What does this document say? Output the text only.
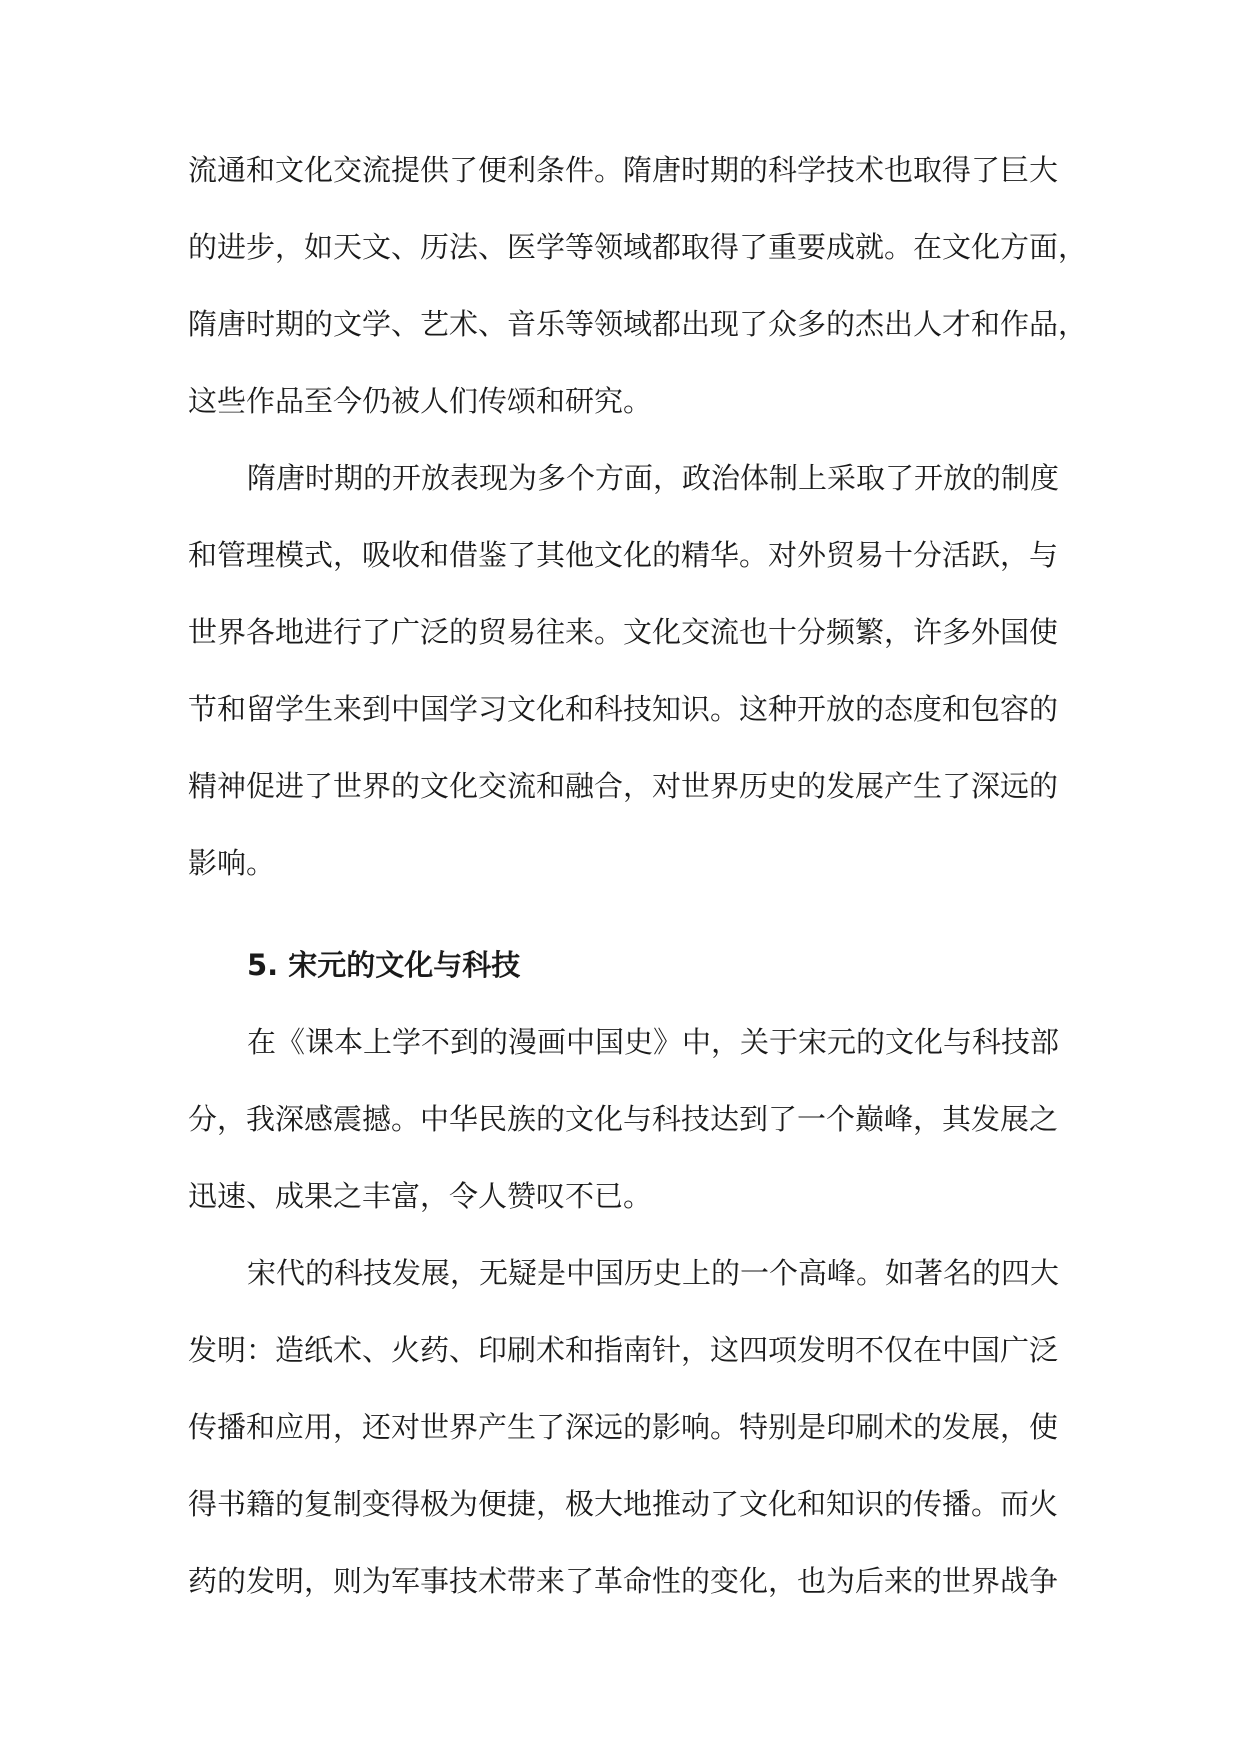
流通和文化交流提供了便利条件。隋唐时期的科学技术也取得了巨大
的进步，如天文、历法、医学等领域都取得了重要成就。在文化方面，
隋唐时期的文学、艺术、音乐等领域都出现了众多的杰出人才和作品，
这些作品至今仍被人们传颂和研究。
隋唐时期的开放表现为多个方面，政治体制上采取了开放的制度
和管理模式，吸收和借鉴了其他文化的精华。对外贸易十分活跃，与
世界各地进行了广泛的贸易往来。文化交流也十分频繁，许多外国使
节和留学生来到中国学习文化和科技知识。这种开放的态度和包容的
精神促进了世界的文化交流和融合，对世界历史的发展产生了深远的
影响。
5. 宋元的文化与科技
在《课本上学不到的漫画中国史》中，关于宋元的文化与科技部
分，我深感震撼。中华民族的文化与科技达到了一个巅峰，其发展之
迅速、成果之丰富，令人赞叹不已。
宋代的科技发展，无疑是中国历史上的一个高峰。如著名的四大
发明：造纸术、火药、印刷术和指南针，这四项发明不仅在中国广泛
传播和应用，还对世界产生了深远的影响。特别是印刷术的发展，使
得书籍的复制变得极为便捷，极大地推动了文化和知识的传播。而火
药的发明，则为军事技术带来了革命性的变化，也为后来的世界战争
